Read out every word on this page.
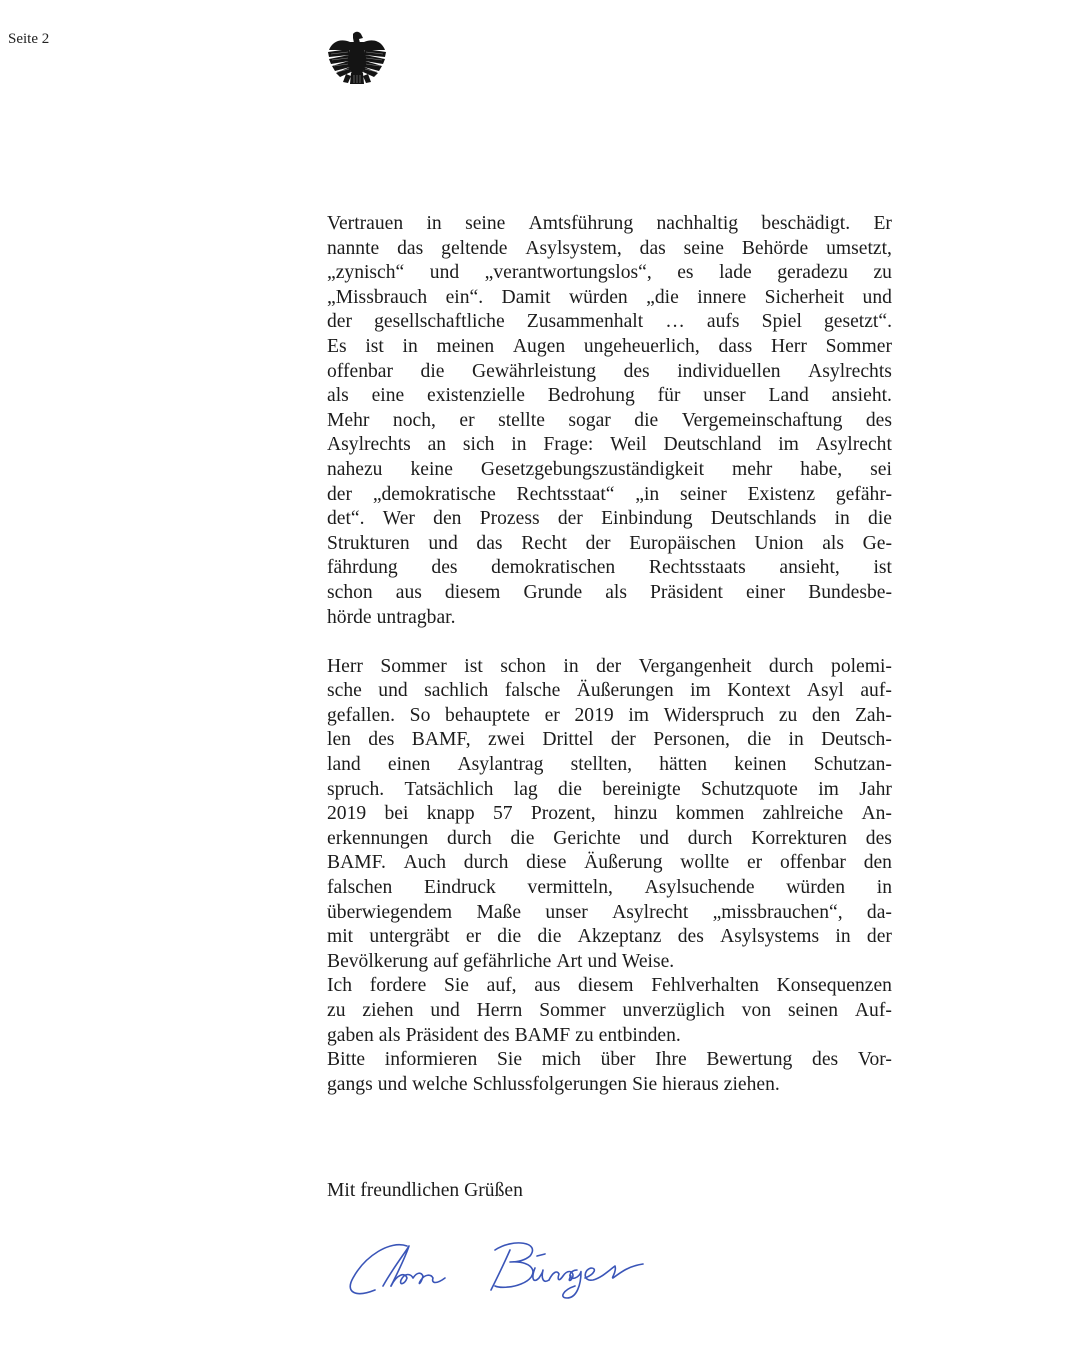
Seite 2
Vertrauen in seine Amtsführung nachhaltig beschädigt. Er
nannte das geltende Asylsystem, das seine Behörde umsetzt,
„zynisch“ und „verantwortungslos“, es lade geradezu zu
„Missbrauch ein“. Damit würden „die innere Sicherheit und
der gesellschaftliche Zusammenhalt … aufs Spiel gesetzt“.
Es ist in meinen Augen ungeheuerlich, dass Herr Sommer
offenbar die Gewährleistung des individuellen Asylrechts
als eine existenzielle Bedrohung für unser Land ansieht.
Mehr noch, er stellte sogar die Vergemeinschaftung des
Asylrechts an sich in Frage: Weil Deutschland im Asylrecht
nahezu keine Gesetzgebungszuständigkeit mehr habe, sei
der „demokratische Rechtsstaat“ „in seiner Existenz gefähr-
det“. Wer den Prozess der Einbindung Deutschlands in die
Strukturen und das Recht der Europäischen Union als Ge-
fährdung des demokratischen Rechtsstaats ansieht, ist
schon aus diesem Grunde als Präsident einer Bundesbe-
hörde untragbar.
Herr Sommer ist schon in der Vergangenheit durch polemi-
sche und sachlich falsche Äußerungen im Kontext Asyl auf-
gefallen. So behauptete er 2019 im Widerspruch zu den Zah-
len des BAMF, zwei Drittel der Personen, die in Deutsch-
land einen Asylantrag stellten, hätten keinen Schutzan-
spruch. Tatsächlich lag die bereinigte Schutzquote im Jahr
2019 bei knapp 57 Prozent, hinzu kommen zahlreiche An-
erkennungen durch die Gerichte und durch Korrekturen des
BAMF. Auch durch diese Äußerung wollte er offenbar den
falschen Eindruck vermitteln, Asylsuchende würden in
überwiegendem Maße unser Asylrecht „missbrauchen“, da-
mit untergräbt er die die Akzeptanz des Asylsystems in der
Bevölkerung auf gefährliche Art und Weise.
Ich fordere Sie auf, aus diesem Fehlverhalten Konsequenzen
zu ziehen und Herrn Sommer unverzüglich von seinen Auf-
gaben als Präsident des BAMF zu entbinden.
Bitte informieren Sie mich über Ihre Bewertung des Vor-
gangs und welche Schlussfolgerungen Sie hieraus ziehen.
Mit freundlichen Grüßen
